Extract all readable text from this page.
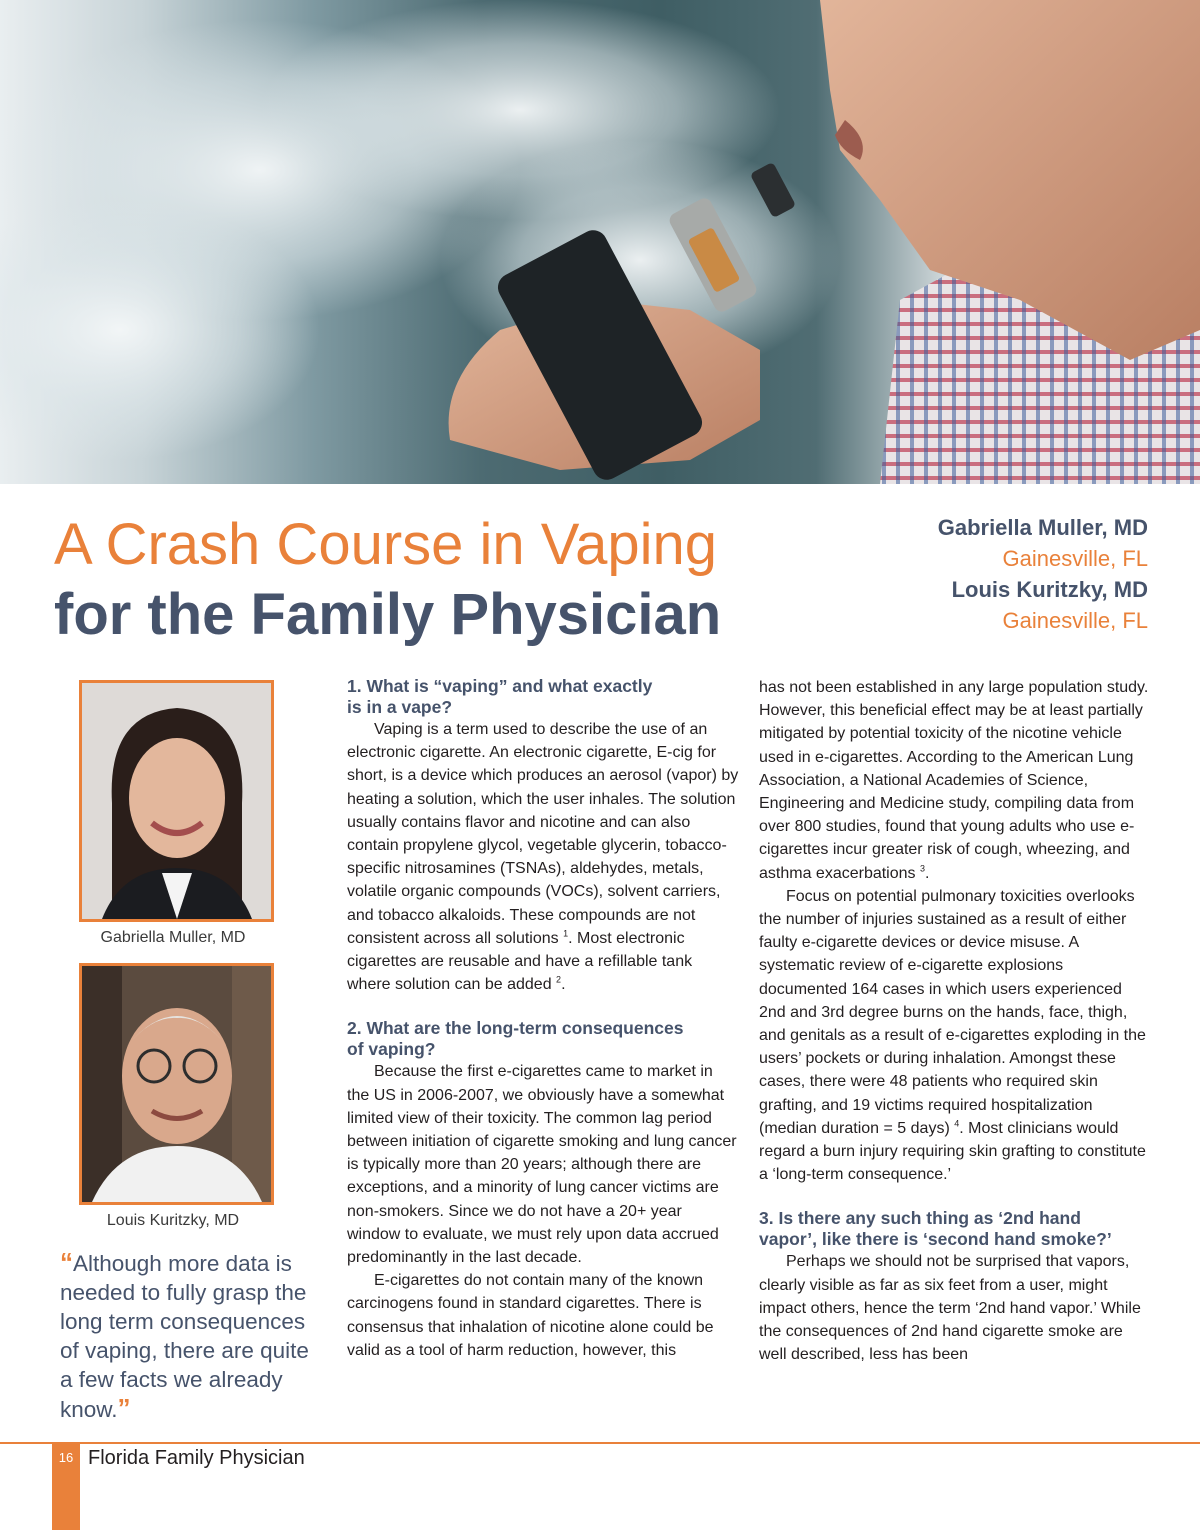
A Crash Course in Vaping
for the Family Physician
Gabriella Muller, MD
Gainesville, FL
Louis Kuritzky, MD
Gainesville, FL
Gabriella Muller, MD
Louis Kuritzky, MD
“Although more data is needed to fully grasp the long term consequences of vaping, there are quite a few facts we already know.”
1. What is “vaping” and what exactly
is in a vape?

Vaping is a term used to describe the use of an electronic cigarette. An electronic cigarette, E-cig for short, is a device which produces an aerosol (vapor) by heating a solution, which the user inhales. The solution usually contains flavor and nicotine and can also contain propylene glycol, vegetable glycerin, tobacco-specific nitrosamines (TSNAs), aldehydes, metals, volatile organic compounds (VOCs), solvent carriers, and tobacco alkaloids. These compounds are not consistent across all solutions $^1$. Most electronic cigarettes are reusable and have a refillable tank where solution can be added $^2$.

2. What are the long-term consequences
of vaping?

Because the first e-cigarettes came to market in the US in 2006-2007, we obviously have a somewhat limited view of their toxicity. The common lag period between initiation of cigarette smoking and lung cancer is typically more than 20 years; although there are exceptions, and a minority of lung cancer victims are non-smokers. Since we do not have a 20+ year window to evaluate, we must rely upon data accrued predominantly in the last decade.

E-cigarettes do not contain many of the known carcinogens found in standard cigarettes. There is consensus that inhalation of nicotine alone could be valid as a tool of harm reduction, however, this

has not been established in any large population study. However, this beneficial effect may be at least partially mitigated by potential toxicity of the nicotine vehicle used in e-cigarettes. According to the American Lung Association, a National Academies of Science, Engineering and Medicine study, compiling data from over 800 studies, found that young adults who use e-cigarettes incur greater risk of cough, wheezing, and asthma exacerbations $^3$.

Focus on potential pulmonary toxicities overlooks the number of injuries sustained as a result of either faulty e-cigarette devices or device misuse. A systematic review of e-cigarette explosions documented 164 cases in which users experienced 2nd and 3rd degree burns on the hands, face, thigh, and genitals as a result of e-cigarettes exploding in the users’ pockets or during inhalation. Amongst these cases, there were 48 patients who required skin grafting, and 19 victims required hospitalization (median duration = 5 days) $^4$. Most clinicians would regard a burn injury requiring skin grafting to constitute a ‘long-term consequence.’

3. Is there any such thing as ‘2nd hand
vapor’, like there is ‘second hand smoke?’

Perhaps we should not be surprised that vapors, clearly visible as far as six feet from a user, might impact others, hence the term ‘2nd hand vapor.’ While the consequences of 2nd hand cigarette smoke are well described, less has been

16 Florida Family Physician
